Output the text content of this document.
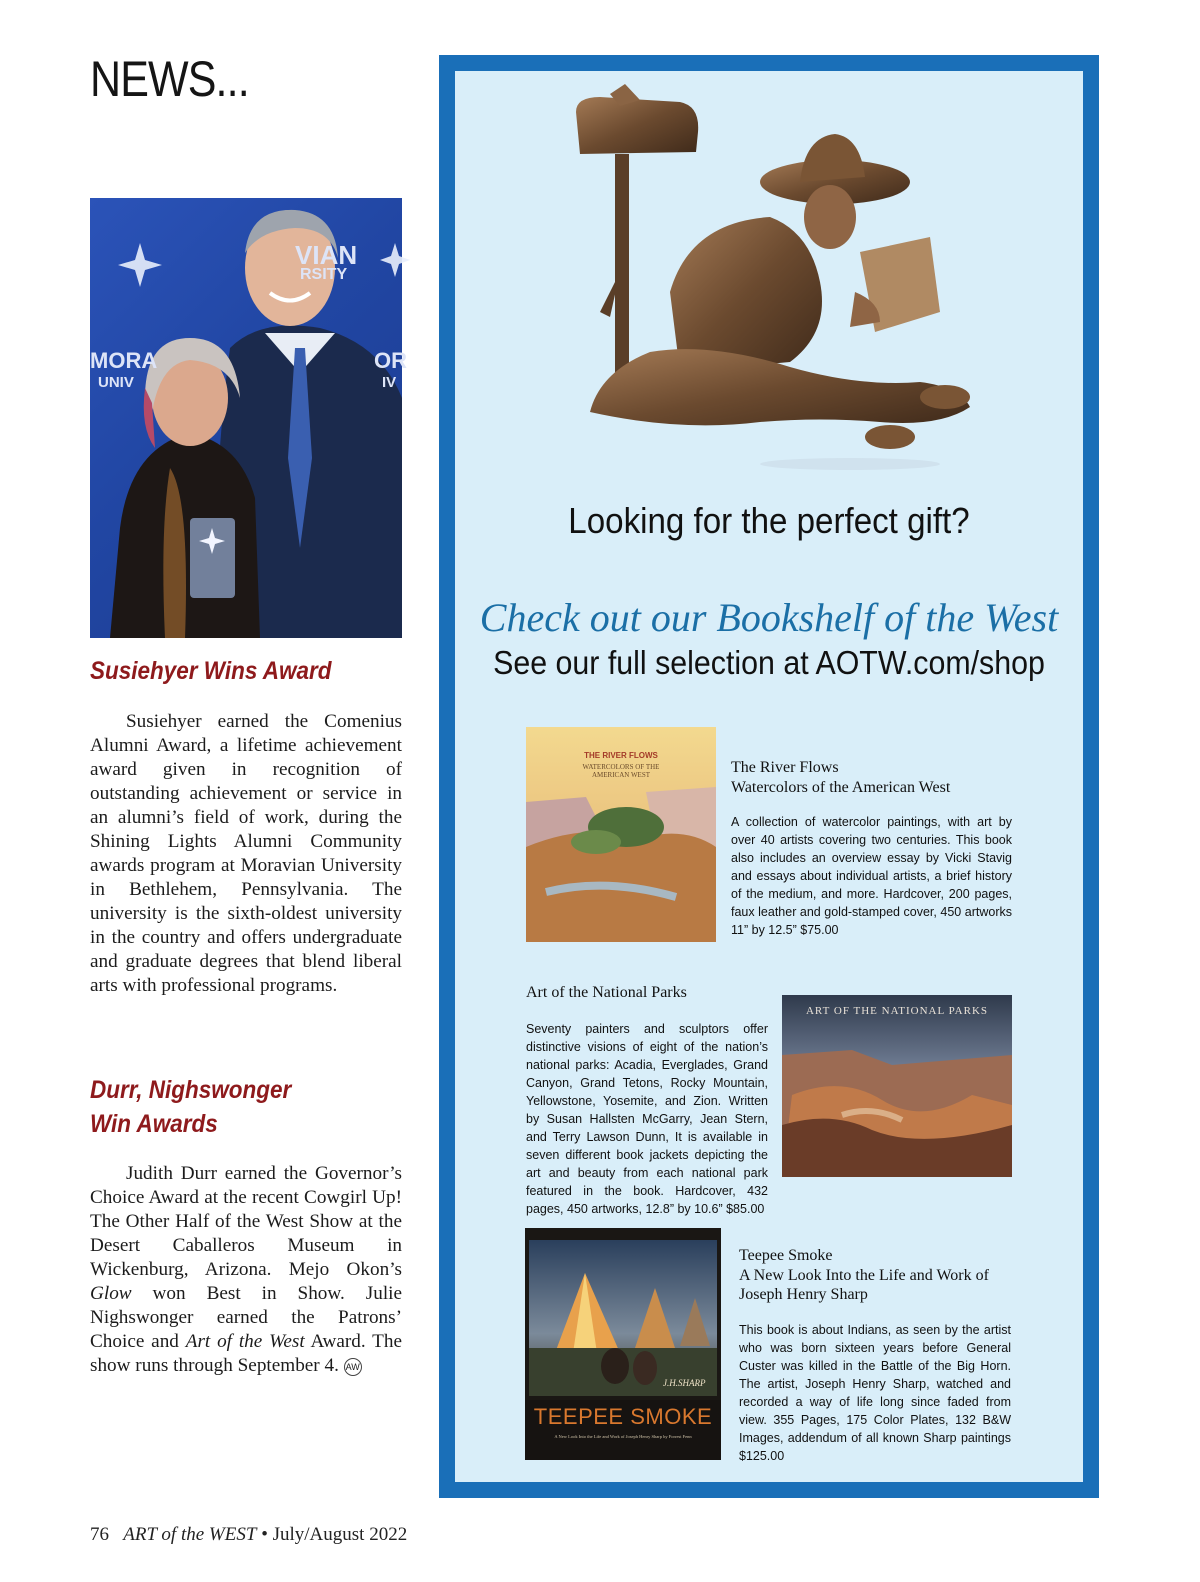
NEWS...
VIAN
RSITY
MORA
UNIV
OR
IV
Susiehyer Wins Award
Susiehyer earned the Comenius Alumni Award, a lifetime achievement award given in recognition of outstanding achievement or service in an alumni’s field of work, during the Shining Lights Alumni Community awards program at Moravian University in Bethlehem, Pennsylvania. The university is the sixth-oldest university in the country and offers undergraduate and graduate degrees that blend liberal arts with professional programs.
Durr, Nighswonger
Win Awards
Judith Durr earned the Governor’s Choice Award at the recent Cowgirl Up! The Other Half of the West Show at the Desert Caballeros Museum in Wickenburg, Arizona. Mejo Okon’s Glow won Best in Show. Julie Nighswonger earned the Patrons’ Choice and Art of the West Award. The show runs through September 4. AW
Looking for the perfect gift?
Check out our Bookshelf of the West
See our full selection at AOTW.com/shop
THE RIVER FLOWS
WATERCOLORS OF THE AMERICAN WEST	The River Flows
Watercolors of the American West
A collection of watercolor paintings, with art by over 40 artists covering two centuries. This book also includes an overview essay by Vicki Stavig and essays about individual artists, a brief history of the medium, and more. Hardcover, 200 pages, faux leather and gold-stamped cover, 450 artworks 11” by 12.5” $75.00
Art of the National Parks
Seventy painters and sculptors offer distinctive visions of eight of the nation’s national parks: Acadia, Everglades, Grand Canyon, Grand Tetons, Rocky Mountain, Yellowstone, Yosemite, and Zion. Written by Susan Hallsten McGarry, Jean Stern, and Terry Lawson Dunn, It is available in seven different book jackets depicting the art and beauty from each national park featured in the book. Hardcover, 432 pages, 450 artworks, 12.8” by 10.6” $85.00
ART OF THE NATIONAL PARKS
J.H.SHARP
TEEPEE SMOKE
A New Look Into the Life and Work of Joseph Henry Sharp by Forrest Fenn
Teepee Smoke
A New Look Into the Life and Work of
Joseph Henry Sharp
This book is about Indians, as seen by the artist who was born sixteen years before General Custer was killed in the Battle of the Big Horn. The artist, Joseph Henry Sharp, watched and recorded a way of life long since faded from view. 355 Pages, 175 Color Plates, 132 B&W Images, addendum of all known Sharp paintings $125.00
76 ART of the WEST • July/August 2022
